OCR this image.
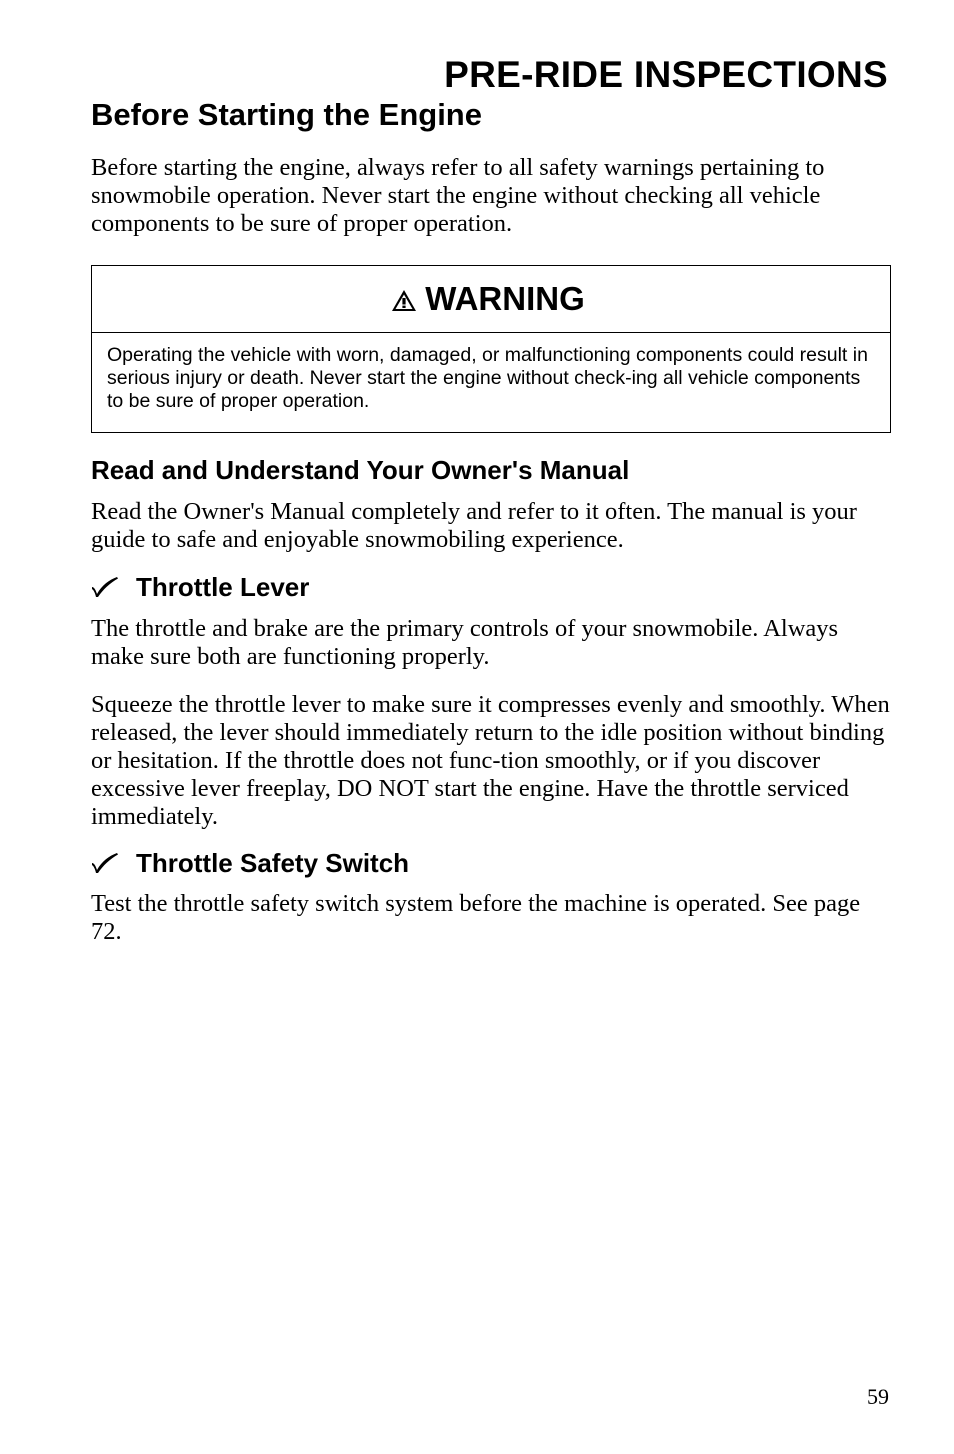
PRE-RIDE INSPECTIONS
Before Starting the Engine

Before starting the engine, always refer to all safety warnings pertaining to snowmobile operation. Never start the engine without checking all vehicle components to be sure of proper operation.

WARNING

Operating the vehicle with worn, damaged, or malfunctioning components could result in serious injury or death. Never start the engine without check-ing all vehicle components to be sure of proper operation.

Read and Understand Your Owner's Manual

Read the Owner's Manual completely and refer to it often. The manual is your guide to safe and enjoyable snowmobiling experience.

Throttle Lever

The throttle and brake are the primary controls of your snowmobile. Always make sure both are functioning properly.

Squeeze the throttle lever to make sure it compresses evenly and smoothly. When released, the lever should immediately return to the idle position without binding or hesitation. If the throttle does not func-tion smoothly, or if you discover excessive lever freeplay, DO NOT start the engine. Have the throttle serviced immediately.

Throttle Safety Switch

Test the throttle safety switch system before the machine is operated. See page 72.

59
